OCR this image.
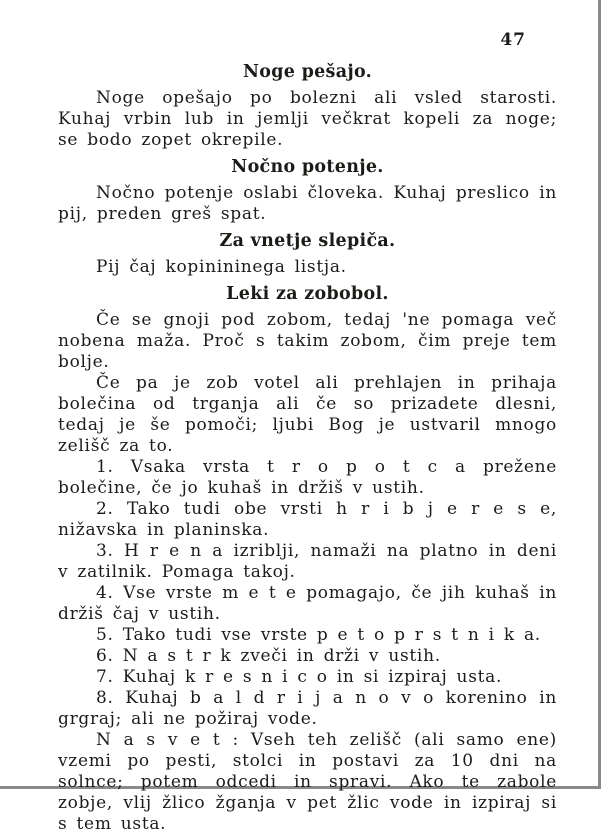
47
Noge pešajo.

Noge opešajo po bolezni ali vsled starosti. Kuhaj vrbin lub in jemlji večkrat kopeli za noge; se bodo zopet okrepile.

Nočno potenje.

Nočno potenje oslabi človeka. Kuhaj preslico in pij, preden greš spat.

Za vnetje slepiča.

Pij čaj kopinininega listja.

Leki za zobobol.

Če se gnoji pod zobom, tedaj 'ne pomaga več nobena maža. Proč s takim zobom, čim preje tem bolje.

Če pa je zob votel ali prehlajen in prihaja bolečina od trganja ali če so prizadete dlesni, tedaj je še pomoči; ljubi Bog je ustvaril mnogo zelišč za to.

1. Vsaka vrsta t r o p o t c a prežene bolečine, če jo kuhaš in držiš v ustih.

2. Tako tudi obe vrsti h r i b j e r e s e, nižavska in planinska.

3. H r e n a izriblji, namaži na platno in deni v zatilnik. Pomaga takoj.

4. Vse vrste m e t e pomagajo, če jih kuhaš in držiš čaj v ustih.

5. Tako tudi vse vrste p e t o p r s t n i k a.

6. N a s t r k zveči in drži v ustih.

7. Kuhaj k r e s n i c o in si izpiraj usta.

8. Kuhaj b a l d r i j a n o v o korenino in grgraj; ali ne požiraj vode.

N a s v e t : Vseh teh zelišč (ali samo ene) vzemi po pesti, stolci in postavi za 10 dni na solnce; potem odcedi in spravi. Ako te zabole zobje, vlij žlico žganja v pet žlic vode in izpiraj si s tem usta.
